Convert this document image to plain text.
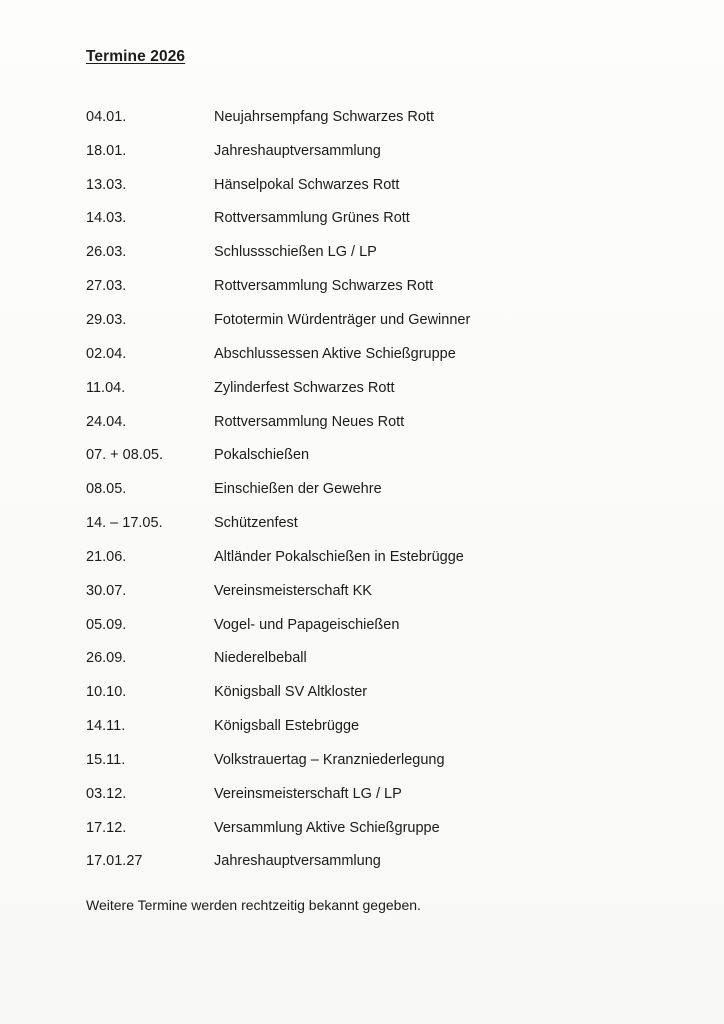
Termine 2026
04.01.	Neujahrsempfang Schwarzes Rott
18.01.	Jahreshauptversammlung
13.03.	Hänselpokal Schwarzes Rott
14.03.	Rottversammlung Grünes Rott
26.03.	Schlussschießen LG / LP
27.03.	Rottversammlung Schwarzes Rott
29.03.	Fototermin Würdenträger und Gewinner
02.04.	Abschlussessen Aktive Schießgruppe
11.04.	Zylinderfest Schwarzes Rott
24.04.	Rottversammlung Neues Rott
07. + 08.05.	Pokalschießen
08.05.	Einschießen der Gewehre
14. – 17.05.	Schützenfest
21.06.	Altländer Pokalschießen in Estebrügge
30.07.	Vereinsmeisterschaft KK
05.09.	Vogel- und Papageischießen
26.09.	Niederelbeball
10.10.	Königsball SV Altkloster
14.11.	Königsball Estebrügge
15.11.	Volkstrauertag – Kranzniederlegung
03.12.	Vereinsmeisterschaft LG / LP
17.12.	Versammlung Aktive Schießgruppe
17.01.27	Jahreshauptversammlung
Weitere Termine werden rechtzeitig bekannt gegeben.
